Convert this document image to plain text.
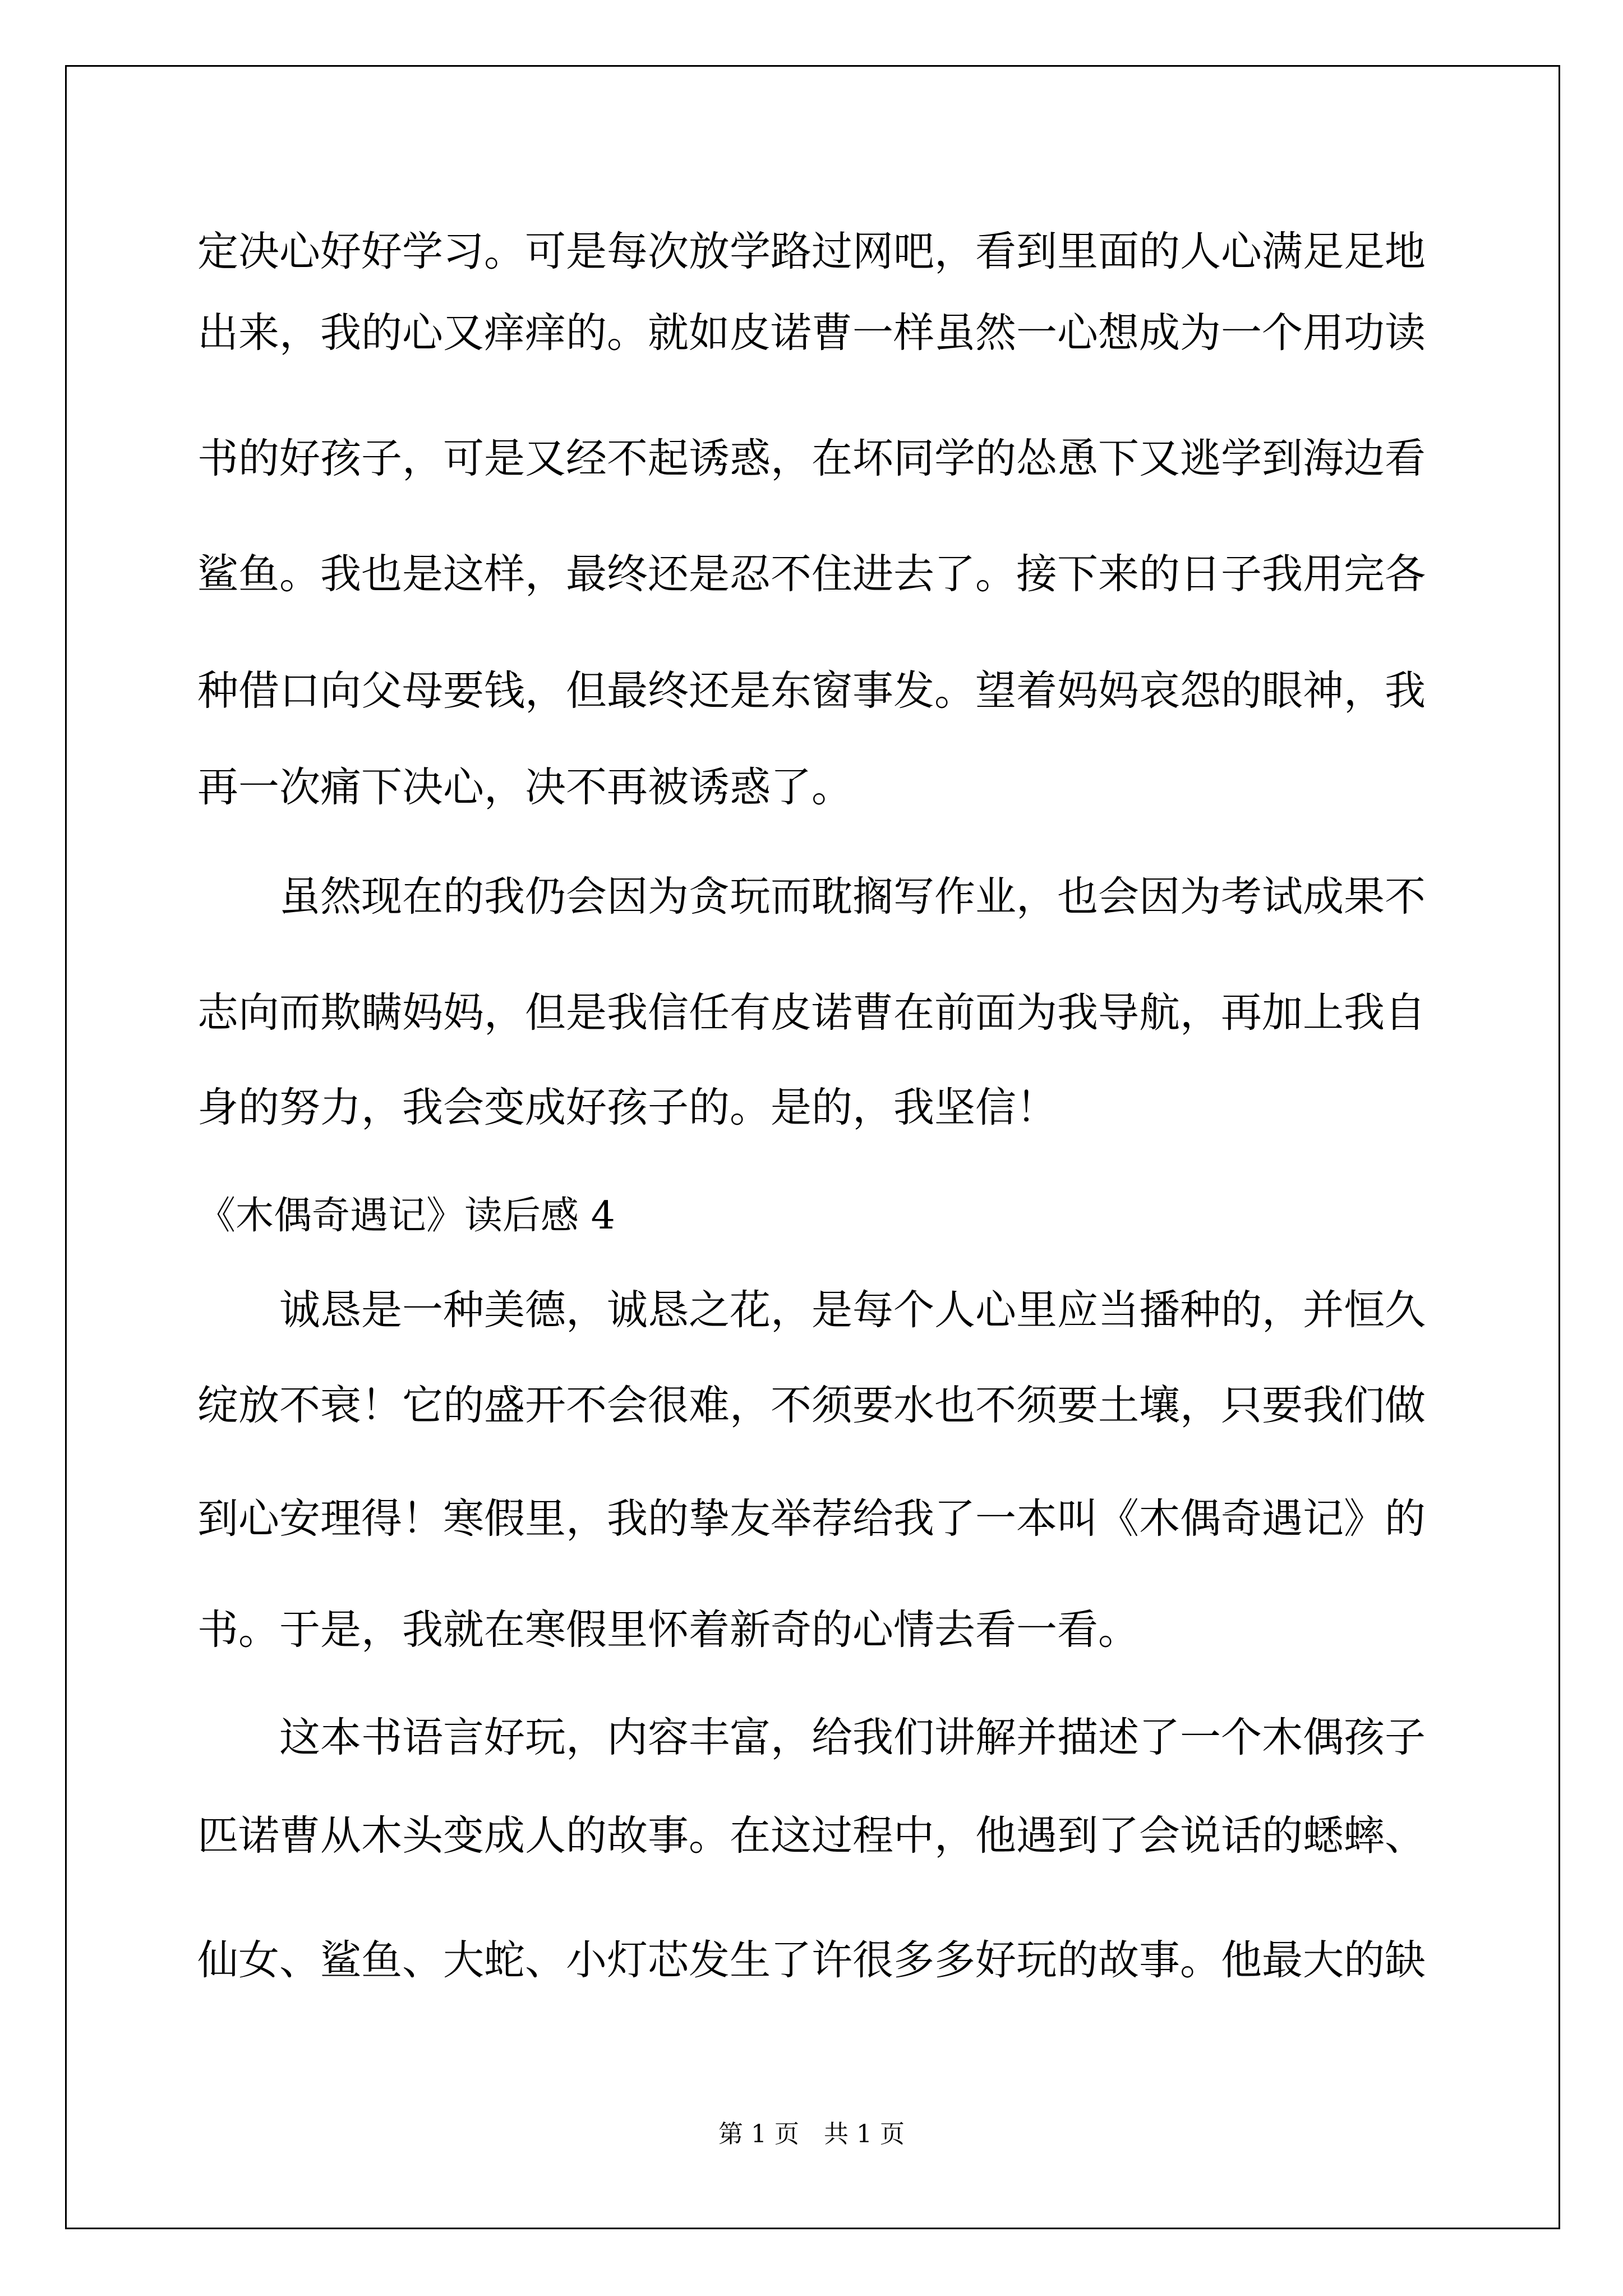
定决心好好学习。可是每次放学路过网吧，看到里面的人心满足足地
出来，我的心又痒痒的。就如皮诺曹一样虽然一心想成为一个用功读
书的好孩子，可是又经不起诱惑，在坏同学的怂恿下又逃学到海边看
鲨鱼。我也是这样，最终还是忍不住进去了。接下来的日子我用完各
种借口向父母要钱，但最终还是东窗事发。望着妈妈哀怨的眼神，我
再一次痛下决心，决不再被诱惑了。
虽然现在的我仍会因为贪玩而耽搁写作业，也会因为考试成果不
志向而欺瞒妈妈，但是我信任有皮诺曹在前面为我导航，再加上我自
身的努力，我会变成好孩子的。是的，我坚信！
《木偶奇遇记》读后感 4
诚恳是一种美德，诚恳之花，是每个人心里应当播种的，并恒久
绽放不衰！它的盛开不会很难，不须要水也不须要土壤，只要我们做
到心安理得！寒假里，我的挚友举荐给我了一本叫《木偶奇遇记》的
书。于是，我就在寒假里怀着新奇的心情去看一看。
这本书语言好玩，内容丰富，给我们讲解并描述了一个木偶孩子
匹诺曹从木头变成人的故事。在这过程中，他遇到了会说话的蟋蟀、
仙女、鲨鱼、大蛇、小灯芯发生了许很多多好玩的故事。他最大的缺
第 1 页　共 1 页
